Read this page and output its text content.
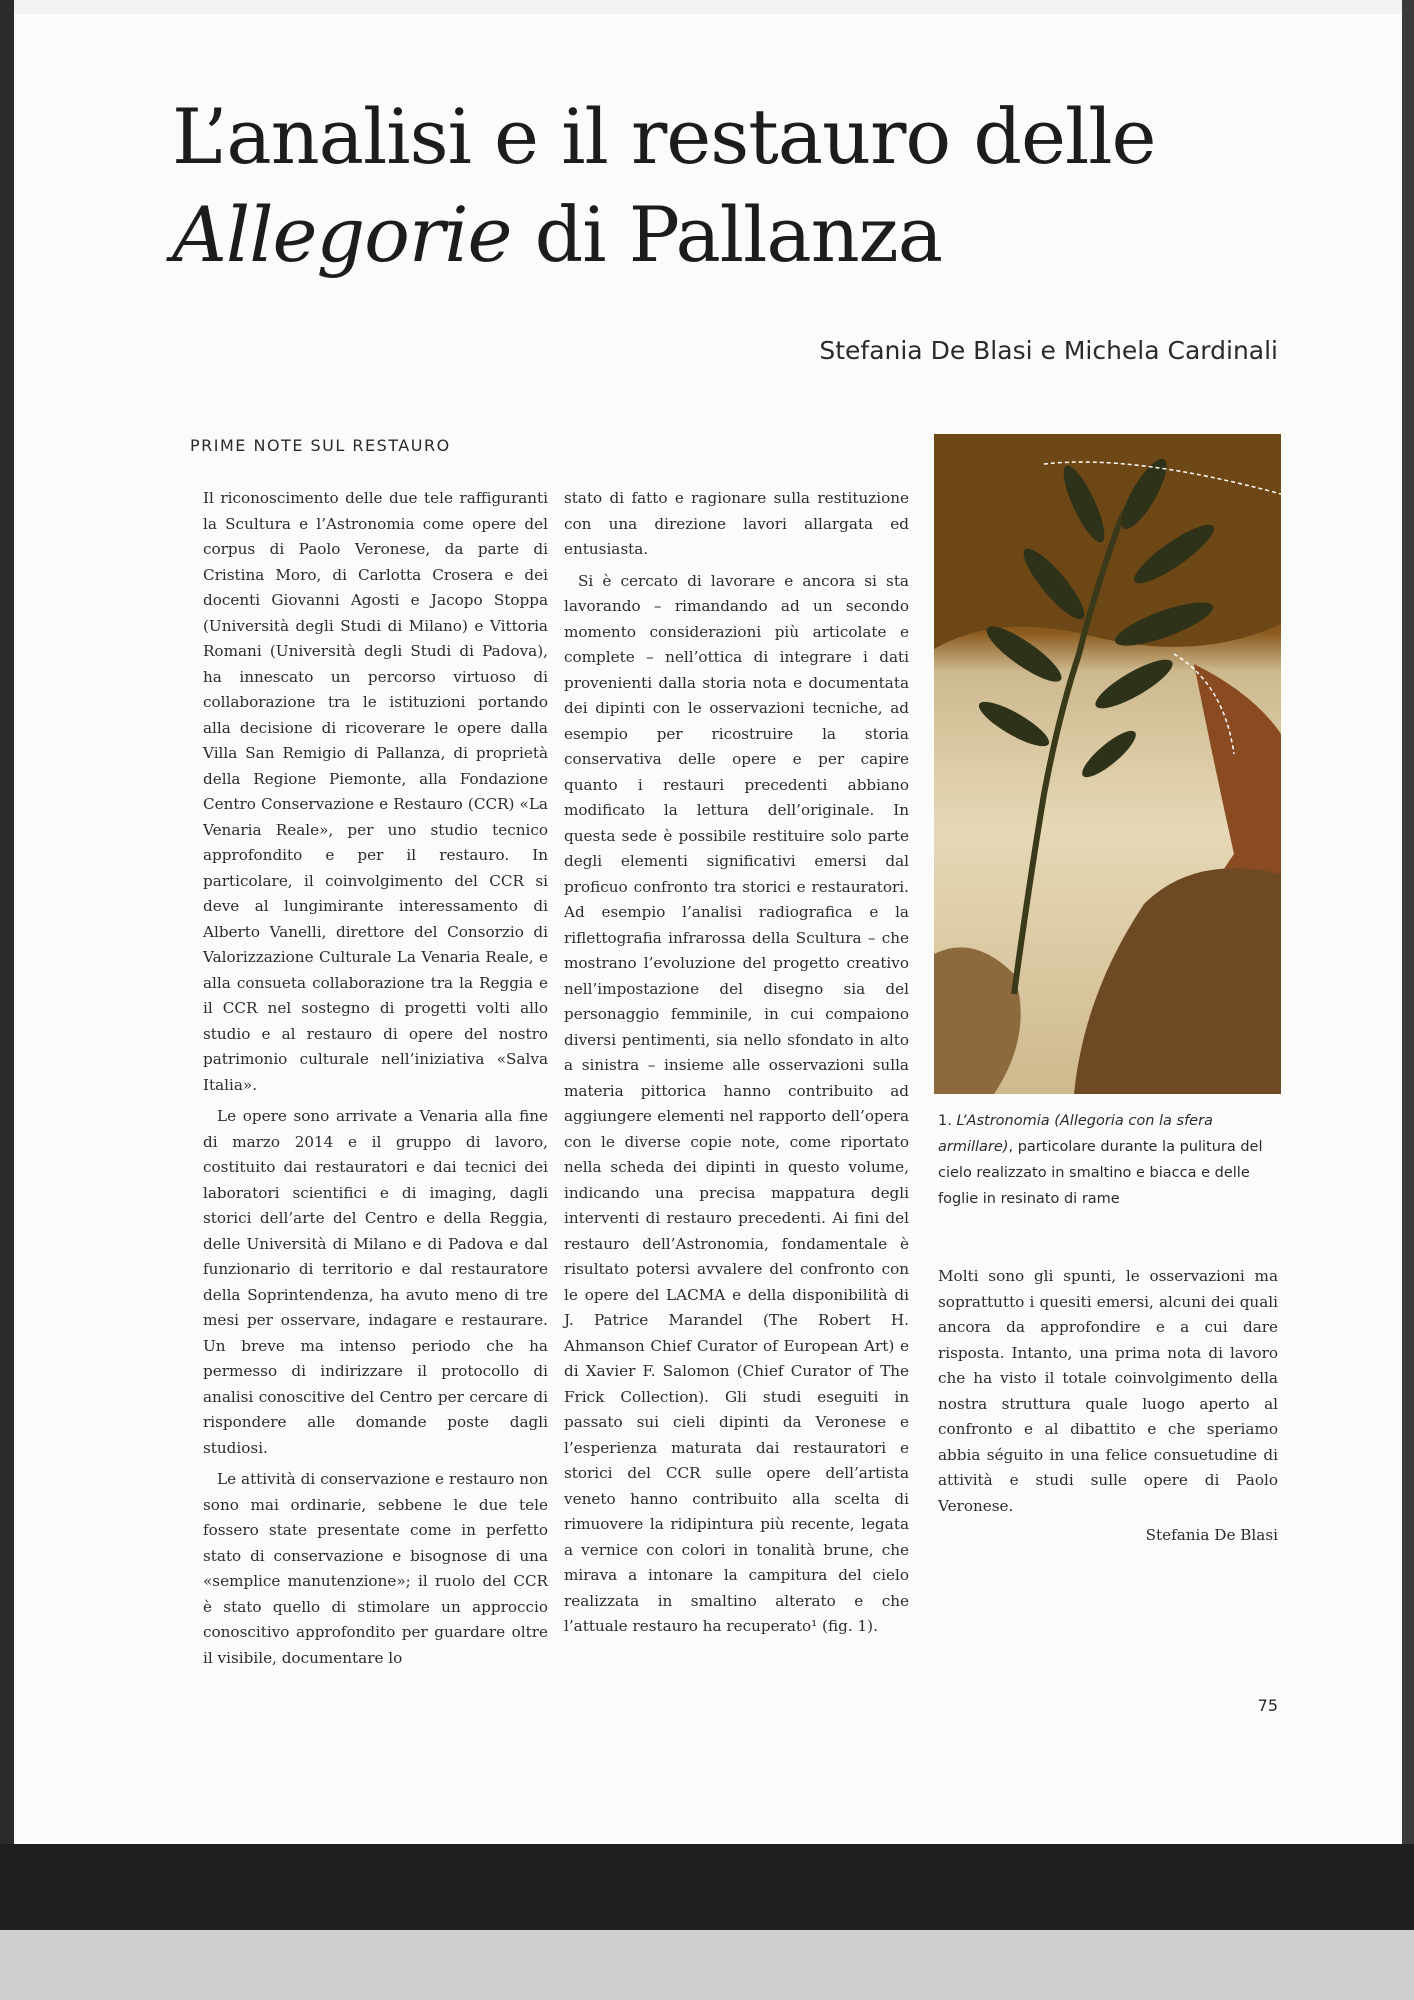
L’analisi e il restauro delle
Allegorie di Pallanza
Stefania De Blasi e Michela Cardinali
PRIME NOTE SUL RESTAURO

Il riconoscimento delle due tele raffiguranti la Scultura e l’Astronomia come opere del corpus di Paolo Veronese, da parte di Cristina Moro, di Carlotta Crosera e dei docenti Giovanni Agosti e Jacopo Stoppa (Università degli Studi di Milano) e Vittoria Romani (Università degli Studi di Padova), ha innescato un percorso virtuoso di collaborazione tra le istituzioni portando alla decisione di ricoverare le opere dalla Villa San Remigio di Pallanza, di proprietà della Regione Piemonte, alla Fondazione Centro Conservazione e Restauro (CCR) «La Venaria Reale», per uno studio tecnico approfondito e per il restauro. In particolare, il coinvolgimento del CCR si deve al lungimirante interessamento di Alberto Vanelli, direttore del Consorzio di Valorizzazione Culturale La Venaria Reale, e alla consueta collaborazione tra la Reggia e il CCR nel sostegno di progetti volti allo studio e al restauro di opere del nostro patrimonio culturale nell’iniziativa «Salva Italia».

Le opere sono arrivate a Venaria alla fine di marzo 2014 e il gruppo di lavoro, costituito dai restauratori e dai tecnici dei laboratori scientifici e di imaging, dagli storici dell’arte del Centro e della Reggia, delle Università di Milano e di Padova e dal funzionario di territorio e dal restauratore della Soprintendenza, ha avuto meno di tre mesi per osservare, indagare e restaurare. Un breve ma intenso periodo che ha permesso di indirizzare il protocollo di analisi conoscitive del Centro per cercare di rispondere alle domande poste dagli studiosi.

Le attività di conservazione e restauro non sono mai ordinarie, sebbene le due tele fossero state presentate come in perfetto stato di conservazione e bisognose di una «semplice manutenzione»; il ruolo del CCR è stato quello di stimolare un approccio conoscitivo approfondito per guardare oltre il visibile, documentare lo

stato di fatto e ragionare sulla restituzione con una direzione lavori allargata ed entusiasta.

Si è cercato di lavorare e ancora si sta lavorando – rimandando ad un secondo momento considerazioni più articolate e complete – nell’ottica di integrare i dati provenienti dalla storia nota e documentata dei dipinti con le osservazioni tecniche, ad esempio per ricostruire la storia conservativa delle opere e per capire quanto i restauri precedenti abbiano modificato la lettura dell’originale. In questa sede è possibile restituire solo parte degli elementi significativi emersi dal proficuo confronto tra storici e restauratori. Ad esempio l’analisi radiografica e la riflettografia infrarossa della Scultura – che mostrano l’evoluzione del progetto creativo nell’impostazione del disegno sia del personaggio femminile, in cui compaiono diversi pentimenti, sia nello sfondato in alto a sinistra – insieme alle osservazioni sulla materia pittorica hanno contribuito ad aggiungere elementi nel rapporto dell’opera con le diverse copie note, come riportato nella scheda dei dipinti in questo volume, indicando una precisa mappatura degli interventi di restauro precedenti. Ai fini del restauro dell’Astronomia, fondamentale è risultato potersi avvalere del confronto con le opere del LACMA e della disponibilità di J. Patrice Marandel (The Robert H. Ahmanson Chief Curator of European Art) e di Xavier F. Salomon (Chief Curator of The Frick Collection). Gli studi eseguiti in passato sui cieli dipinti da Veronese e l’esperienza maturata dai restauratori e storici del CCR sulle opere dell’artista veneto hanno contribuito alla scelta di rimuovere la ridipintura più recente, legata a vernice con colori in tonalità brune, che mirava a intonare la campitura del cielo realizzata in smaltino alterato e che l’attuale restauro ha recuperato¹ (fig. 1).

1. L’Astronomia (Allegoria con la sfera armillare), particolare durante la pulitura del cielo realizzato in smaltino e biacca e delle foglie in resinato di rame

Molti sono gli spunti, le osservazioni ma soprattutto i quesiti emersi, alcuni dei quali ancora da approfondire e a cui dare risposta. Intanto, una prima nota di lavoro che ha visto il totale coinvolgimento della nostra struttura quale luogo aperto al confronto e al dibattito e che speriamo abbia séguito in una felice consuetudine di attività e studi sulle opere di Paolo Veronese.

Stefania De Blasi

75
